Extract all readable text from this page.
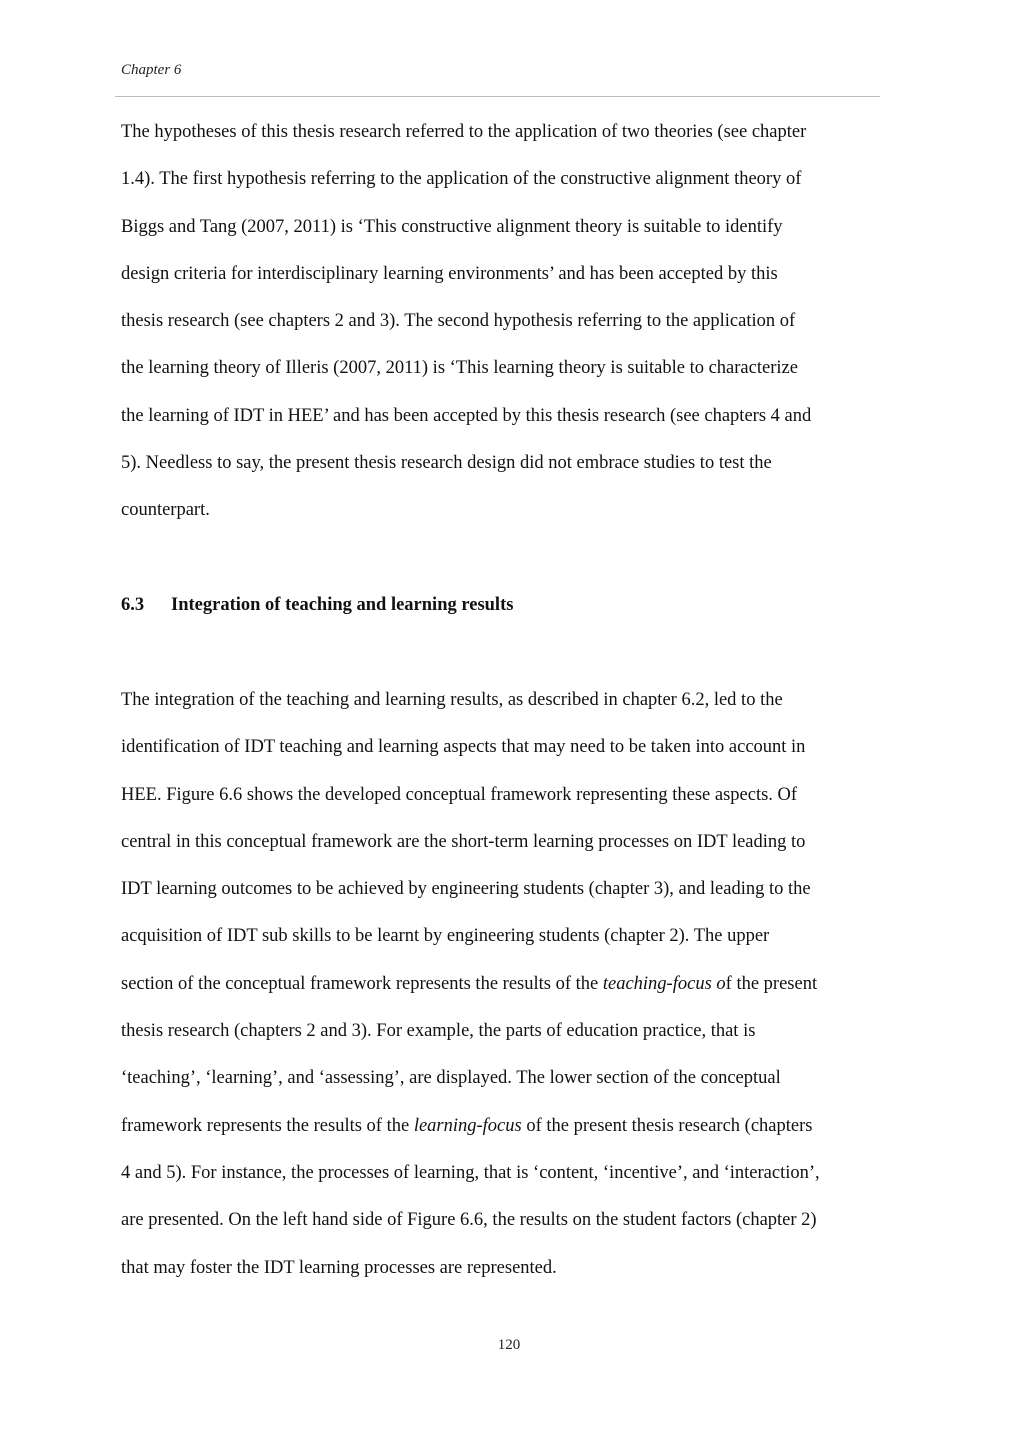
Chapter 6

The hypotheses of this thesis research referred to the application of two theories (see chapter
1.4). The first hypothesis referring to the application of the constructive alignment theory of
Biggs and Tang (2007, 2011) is ‘This constructive alignment theory is suitable to identify
design criteria for interdisciplinary learning environments’ and has been accepted by this
thesis research (see chapters 2 and 3). The second hypothesis referring to the application of
the learning theory of Illeris (2007, 2011) is ‘This learning theory is suitable to characterize
the learning of IDT in HEE’ and has been accepted by this thesis research (see chapters 4 and
5). Needless to say, the present thesis research design did not embrace studies to test the
counterpart.

6.3 Integration of teaching and learning results

The integration of the teaching and learning results, as described in chapter 6.2, led to the
identification of IDT teaching and learning aspects that may need to be taken into account in
HEE. Figure 6.6 shows the developed conceptual framework representing these aspects. Of
central in this conceptual framework are the short-term learning processes on IDT leading to
IDT learning outcomes to be achieved by engineering students (chapter 3), and leading to the
acquisition of IDT sub skills to be learnt by engineering students (chapter 2). The upper
section of the conceptual framework represents the results of the teaching-focus of the present
thesis research (chapters 2 and 3). For example, the parts of education practice, that is
‘teaching’, ‘learning’, and ‘assessing’, are displayed. The lower section of the conceptual
framework represents the results of the learning-focus of the present thesis research (chapters
4 and 5). For instance, the processes of learning, that is ‘content, ‘incentive’, and ‘interaction’,
are presented. On the left hand side of Figure 6.6, the results on the student factors (chapter 2)
that may foster the IDT learning processes are represented.

120
